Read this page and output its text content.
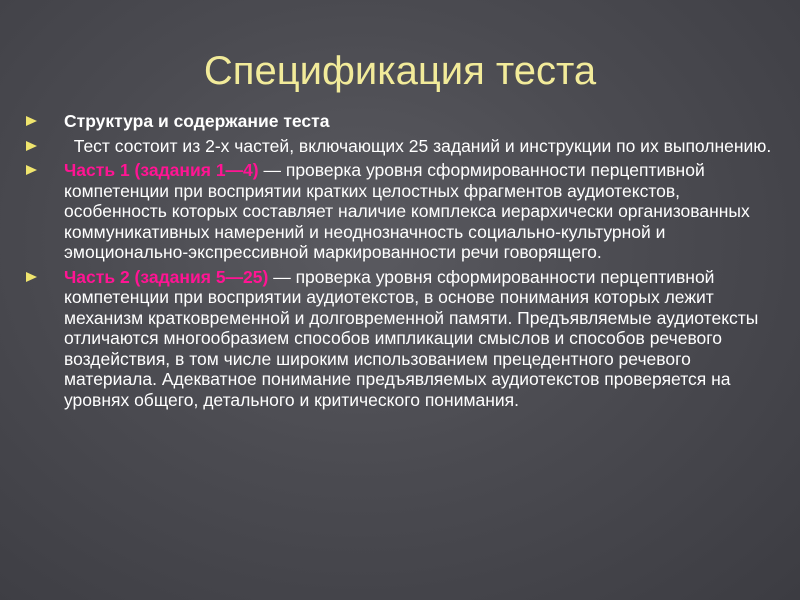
Спецификация теста
Структура и содержание теста
Тест состоит из 2-х частей, включающих 25 заданий и инструкции по их выполнению.
Часть 1 (задания 1—4) — проверка уровня сформированности перцептивной компетенции при восприятии кратких целостных фрагментов аудиотекстов, особенность которых составляет наличие комплекса иерархически организованных коммуникативных намерений и неоднозначность социально-культурной и эмоционально-экспрессивной маркированности речи говорящего.
Часть 2 (задания 5—25) — проверка уровня сформированности перцептивной компетенции при восприятии аудиотекстов, в основе понимания которых лежит механизм кратковременной и долговременной памяти. Предъявляемые аудиотексты отличаются многообразием способов импликации смыслов и способов речевого воздействия, в том числе широким использованием прецедентного речевого материала. Адекватное понимание предъявляемых аудиотекстов проверяется на уровнях общего, детального и критического понимания.
